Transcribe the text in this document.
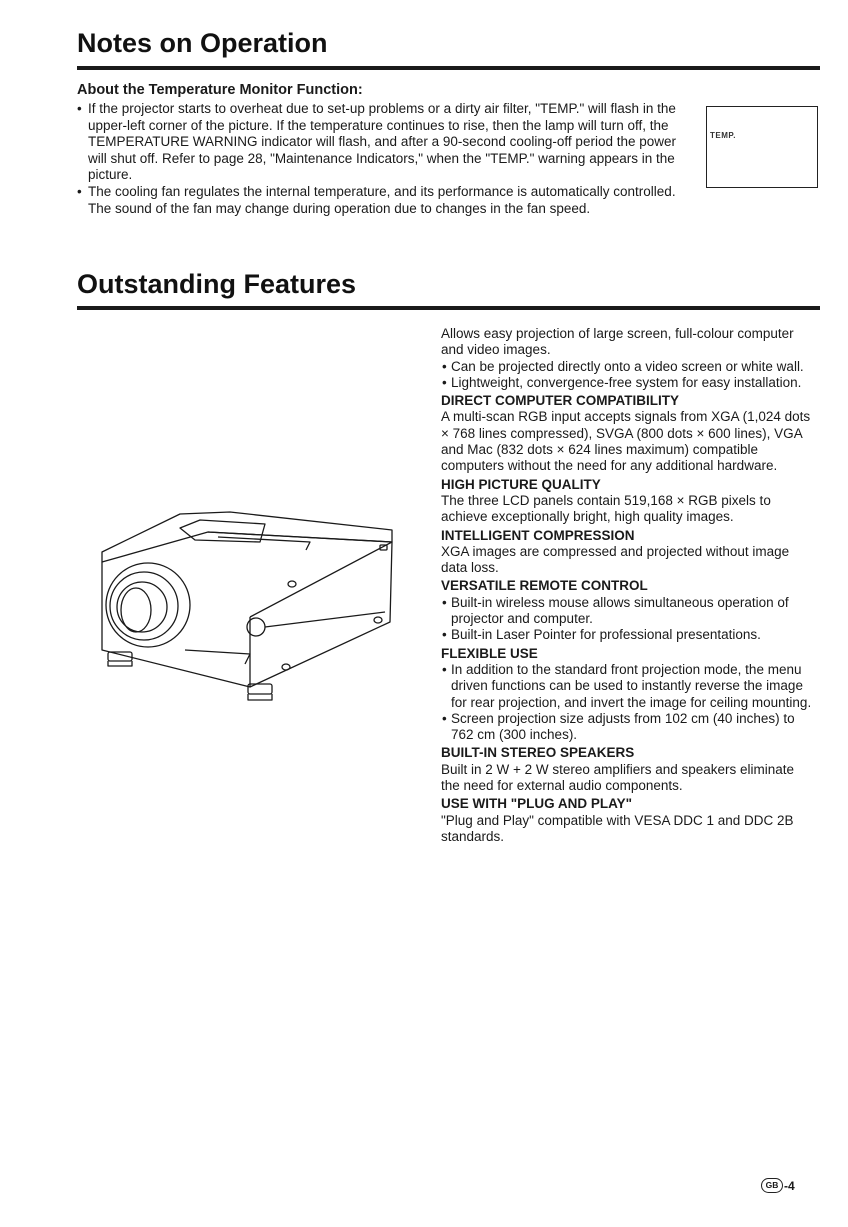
Notes on Operation
About the Temperature Monitor Function:
• If the projector starts to overheat due to set-up problems or a dirty air filter, "TEMP." will flash in the upper-left corner of the picture. If the temperature continues to rise, then the lamp will turn off, the TEMPERATURE WARNING indicator will flash, and after a 90-second cooling-off period the power will shut off. Refer to page 28, "Maintenance Indicators," when the "TEMP." warning appears in the picture.
• The cooling fan regulates the internal temperature, and its performance is automatically controlled. The sound of the fan may change during operation due to changes in the fan speed.
TEMP.
Outstanding Features

Allows easy projection of large screen, full-colour computer and video images.

• Can be projected directly onto a video screen or white wall.
• Lightweight, convergence-free system for easy installation.

DIRECT COMPUTER COMPATIBILITY

A multi-scan RGB input accepts signals from XGA (1,024 dots × 768 lines compressed), SVGA (800 dots × 600 lines), VGA and Mac (832 dots × 624 lines maximum) compatible computers without the need for any additional hardware.

HIGH PICTURE QUALITY

The three LCD panels contain 519,168 × RGB pixels to achieve exceptionally bright, high quality images.

INTELLIGENT COMPRESSION

XGA images are compressed and projected without image data loss.

VERSATILE REMOTE CONTROL

• Built-in wireless mouse allows simultaneous operation of projector and computer.
• Built-in Laser Pointer for professional presentations.

FLEXIBLE USE

• In addition to the standard front projection mode, the menu driven functions can be used to instantly reverse the image for rear projection, and invert the image for ceiling mounting.
• Screen projection size adjusts from 102 cm (40 inches) to 762 cm (300 inches).

BUILT-IN STEREO SPEAKERS

Built in 2 W + 2 W stereo amplifiers and speakers eliminate the need for external audio components.

USE WITH "PLUG AND PLAY"

"Plug and Play" compatible with VESA DDC 1 and DDC 2B standards.

GB -4
